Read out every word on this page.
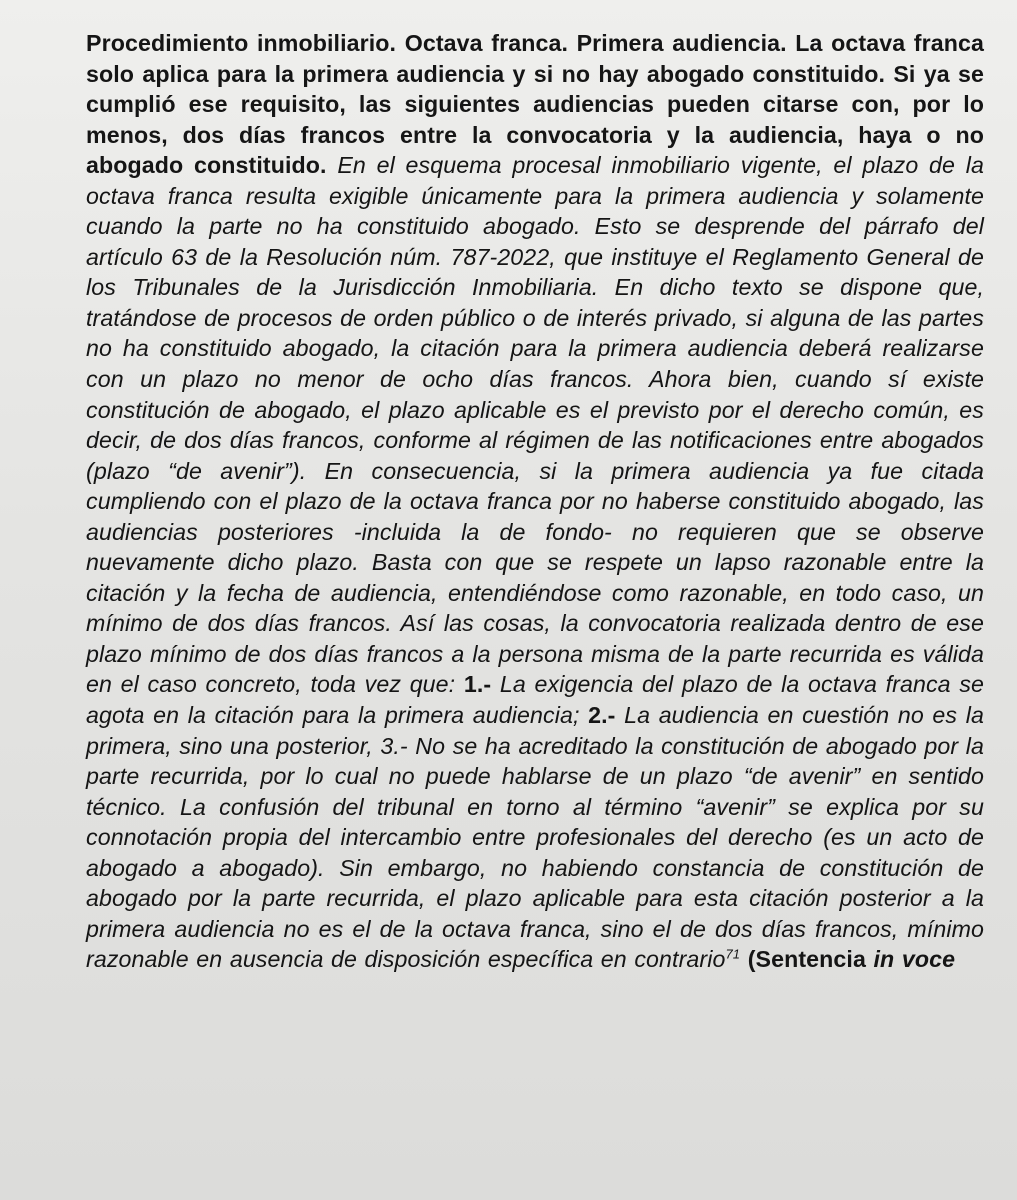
Procedimiento inmobiliario. Octava franca. Primera audiencia. La octava franca solo aplica para la primera audiencia y si no hay abogado constituido. Si ya se cumplió ese requisito, las siguientes audiencias pueden citarse con, por lo menos, dos días francos entre la convocatoria y la audiencia, haya o no abogado constituido. En el esquema procesal inmobiliario vigente, el plazo de la octava franca resulta exigible únicamente para la primera audiencia y solamente cuando la parte no ha constituido abogado. Esto se desprende del párrafo del artículo 63 de la Resolución núm. 787-2022, que instituye el Reglamento General de los Tribunales de la Jurisdicción Inmobiliaria. En dicho texto se dispone que, tratándose de procesos de orden público o de interés privado, si alguna de las partes no ha constituido abogado, la citación para la primera audiencia deberá realizarse con un plazo no menor de ocho días francos. Ahora bien, cuando sí existe constitución de abogado, el plazo aplicable es el previsto por el derecho común, es decir, de dos días francos, conforme al régimen de las notificaciones entre abogados (plazo “de avenir”). En consecuencia, si la primera audiencia ya fue citada cumpliendo con el plazo de la octava franca por no haberse constituido abogado, las audiencias posteriores -incluida la de fondo- no requieren que se observe nuevamente dicho plazo. Basta con que se respete un lapso razonable entre la citación y la fecha de audiencia, entendiéndose como razonable, en todo caso, un mínimo de dos días francos. Así las cosas, la convocatoria realizada dentro de ese plazo mínimo de dos días francos a la persona misma de la parte recurrida es válida en el caso concreto, toda vez que: 1.- La exigencia del plazo de la octava franca se agota en la citación para la primera audiencia; 2.- La audiencia en cuestión no es la primera, sino una posterior, 3.- No se ha acreditado la constitución de abogado por la parte recurrida, por lo cual no puede hablarse de un plazo “de avenir” en sentido técnico. La confusión del tribunal en torno al término “avenir” se explica por su connotación propia del intercambio entre profesionales del derecho (es un acto de abogado a abogado). Sin embargo, no habiendo constancia de constitución de abogado por la parte recurrida, el plazo aplicable para esta citación posterior a la primera audiencia no es el de la octava franca, sino el de dos días francos, mínimo razonable en ausencia de disposición específica en contrario$^{71}$ (Sentencia in voce
